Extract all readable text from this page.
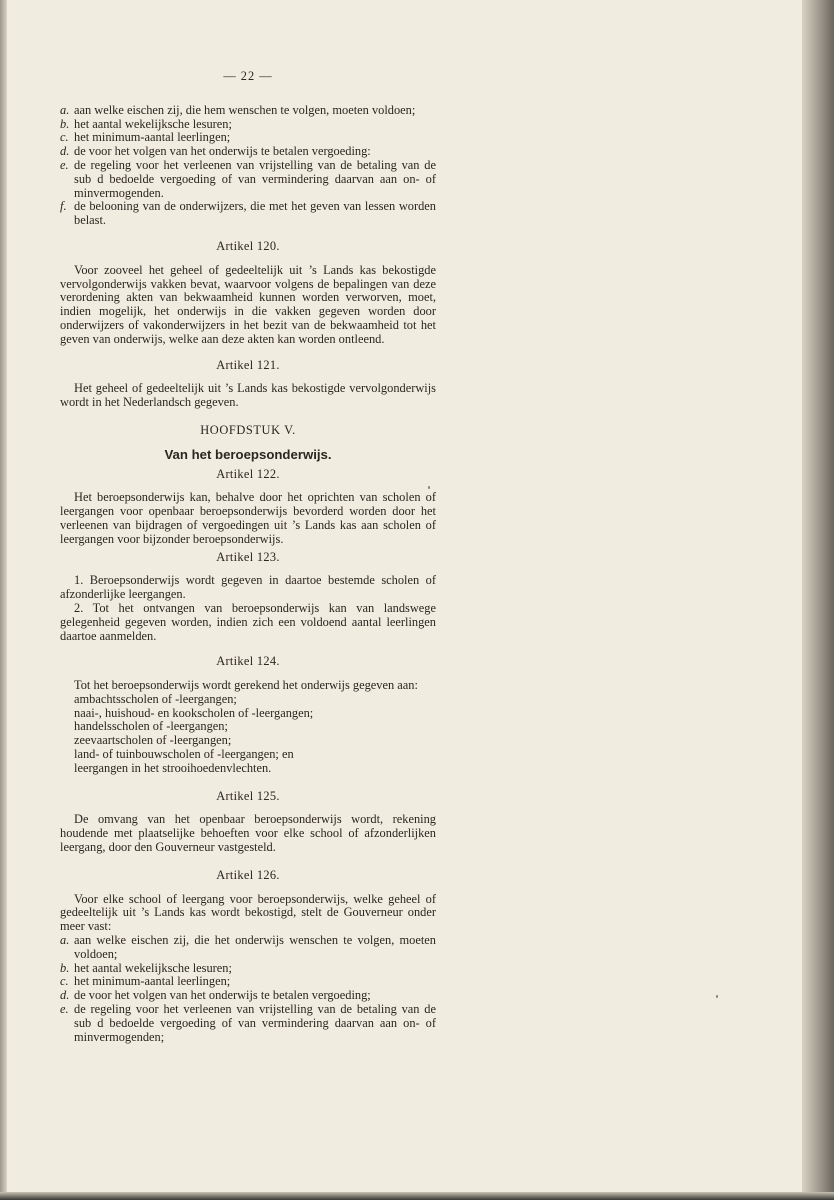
— 22 —
a. aan welke eischen zij, die hem wenschen te volgen, moeten voldoen;
b. het aantal wekelijksche lesuren;
c. het minimum-aantal leerlingen;
d. de voor het volgen van het onderwijs te betalen vergoeding:
e. de regeling voor het verleenen van vrijstelling van de betaling van de sub d bedoelde vergoeding of van vermindering daarvan aan on- of minvermogenden.
f. de belooning van de onderwijzers, die met het geven van lessen worden belast.
Artikel 120.

Voor zooveel het geheel of gedeeltelijk uit ’s Lands kas bekostigde vervolgonderwijs vakken bevat, waarvoor volgens de bepalingen van deze verordening akten van bekwaamheid kunnen worden verworven, moet, indien mogelijk, het onderwijs in die vakken gegeven worden door onderwijzers of vakonderwijzers in het bezit van de bekwaamheid tot het geven van onderwijs, welke aan deze akten kan worden ontleend.

Artikel 121.

Het geheel of gedeeltelijk uit ’s Lands kas bekostigde vervolgonderwijs wordt in het Nederlandsch gegeven.

HOOFDSTUK V.
Van het beroepsonderwijs.
Artikel 122.

Het beroepsonderwijs kan, behalve door het oprichten van scholen of leergangen voor openbaar beroepsonderwijs bevorderd worden door het verleenen van bijdragen of vergoedingen uit ’s Lands kas aan scholen of leergangen voor bijzonder beroepsonderwijs.

Artikel 123.

1. Beroepsonderwijs wordt gegeven in daartoe bestemde scholen of afzonderlijke leergangen.

2. Tot het ontvangen van beroepsonderwijs kan van landswege gelegenheid gegeven worden, indien zich een voldoend aantal leerlingen daartoe aanmelden.

Artikel 124.

Tot het beroepsonderwijs wordt gerekend het onderwijs gegeven aan:

ambachtsscholen of -leergangen;
naai-, huishoud- en kookscholen of -leergangen;
handelsscholen of -leergangen;
zeevaartscholen of -leergangen;
land- of tuinbouwscholen of -leergangen; en
leergangen in het strooihoedenvlechten.
Artikel 125.

De omvang van het openbaar beroepsonderwijs wordt, rekening houdende met plaatselijke behoeften voor elke school of afzonderlijken leergang, door den Gouverneur vastgesteld.

Artikel 126.

Voor elke school of leergang voor beroepsonderwijs, welke geheel of gedeeltelijk uit ’s Lands kas wordt bekostigd, stelt de Gouverneur onder meer vast:

a. aan welke eischen zij, die het onderwijs wenschen te volgen, moeten voldoen;
b. het aantal wekelijksche lesuren;
c. het minimum-aantal leerlingen;
d. de voor het volgen van het onderwijs te betalen vergoeding;
e. de regeling voor het verleenen van vrijstelling van de betaling van de sub d bedoelde vergoeding of van vermindering daarvan aan on- of minvermogenden;
